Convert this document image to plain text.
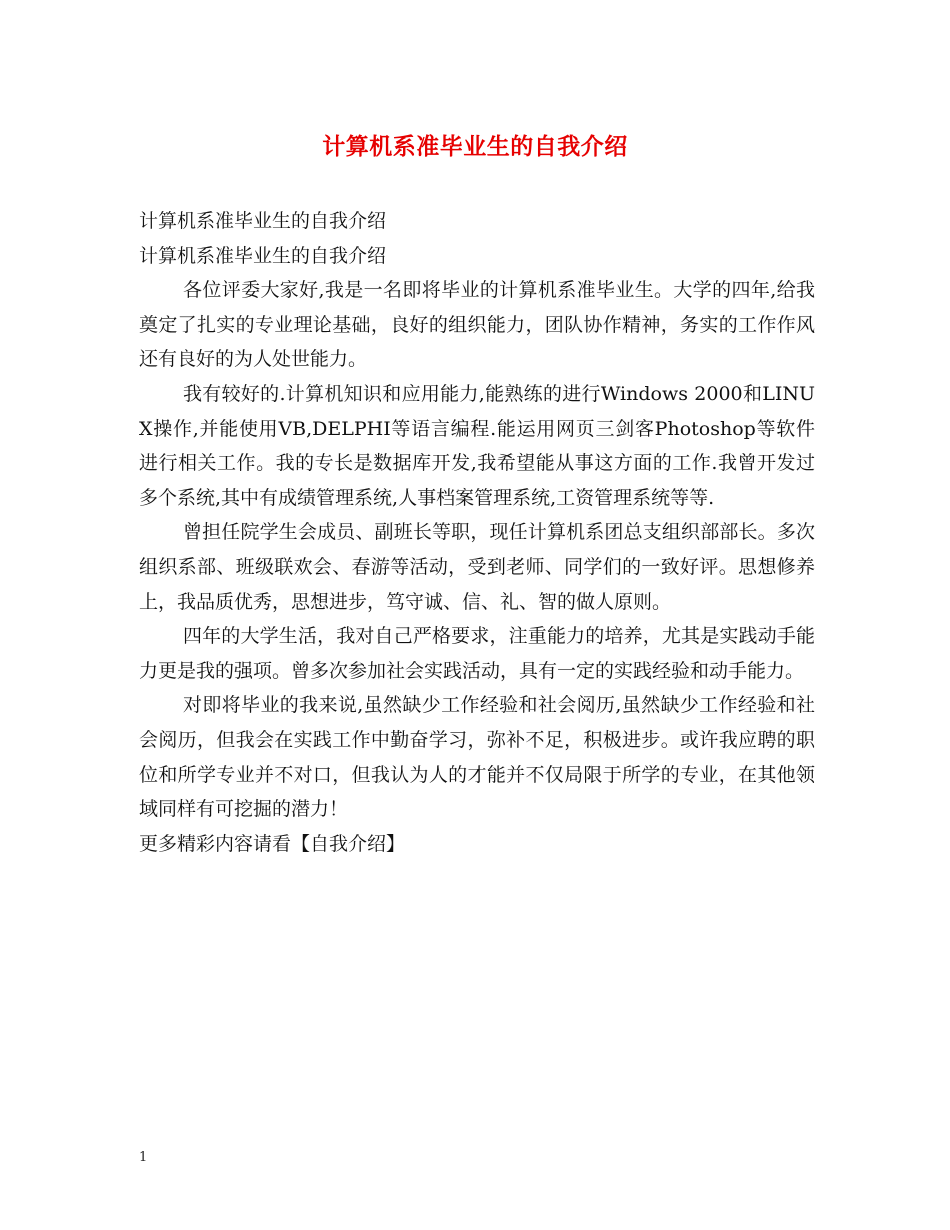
计算机系准毕业生的自我介绍

计算机系准毕业生的自我介绍

计算机系准毕业生的自我介绍

各位评委大家好,我是一名即将毕业的计算机系准毕业生。大学的四年,给我奠定了扎实的专业理论基础，良好的组织能力，团队协作精神，务实的工作作风还有良好的为人处世能力。

我有较好的.计算机知识和应用能力,能熟练的进行Windows 2000和LINUX操作,并能使用VB,DELPHI等语言编程.能运用网页三剑客Photoshop等软件进行相关工作。我的专长是数据库开发,我希望能从事这方面的工作.我曾开发过多个系统,其中有成绩管理系统,人事档案管理系统,工资管理系统等等.

曾担任院学生会成员、副班长等职，现任计算机系团总支组织部部长。多次组织系部、班级联欢会、春游等活动，受到老师、同学们的一致好评。思想修养上，我品质优秀，思想进步，笃守诚、信、礼、智的做人原则。

四年的大学生活，我对自己严格要求，注重能力的培养，尤其是实践动手能力更是我的强项。曾多次参加社会实践活动，具有一定的实践经验和动手能力。

对即将毕业的我来说,虽然缺少工作经验和社会阅历,虽然缺少工作经验和社会阅历，但我会在实践工作中勤奋学习，弥补不足，积极进步。或许我应聘的职位和所学专业并不对口，但我认为人的才能并不仅局限于所学的专业，在其他领域同样有可挖掘的潜力！

更多精彩内容请看【自我介绍】

1
